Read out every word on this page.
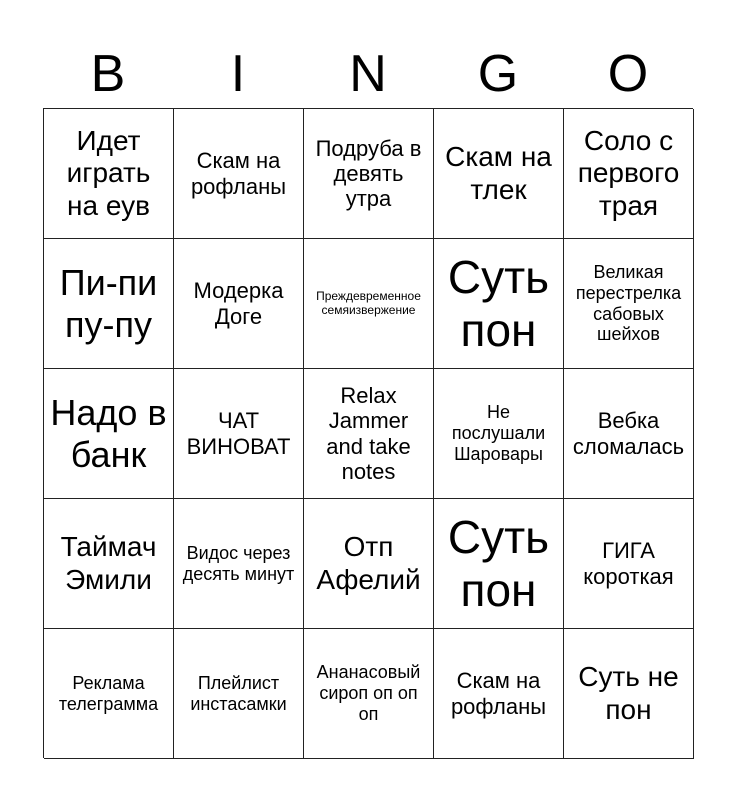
B	I	N	G	O
Идет играть на еув
Скам на рофланы
Подруба в девять утра
Скам на тлек
Соло с первого трая
Пи-пи пу-пу
Модерка Доге
Преждевременное семяизвержение
Суть пон
Великая перестрелка сабовых шейхов
Надо в банк
ЧАТ ВИНОВАТ
Relax Jammer and take notes
Не послушали Шаровары
Вебка сломалась
Таймач Эмили
Видос через десять минут
Отп Афелий
Суть пон
ГИГА короткая
Реклама телеграмма
Плейлист инстасамки
Ананасовый сироп оп оп оп
Скам на рофланы
Суть не пон
